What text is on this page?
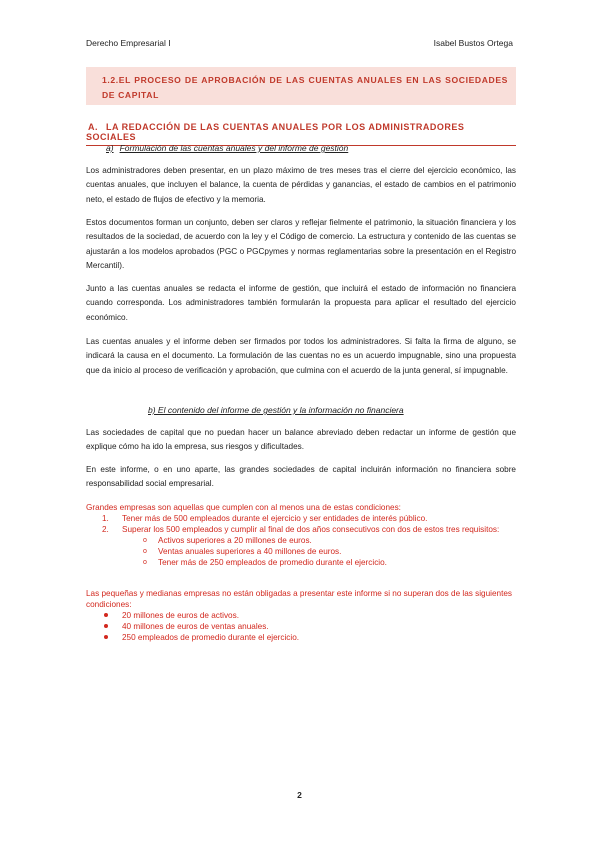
Derecho Empresarial I	Isabel Bustos Ortega
1.2.EL PROCESO DE APROBACIÓN DE LAS CUENTAS ANUALES EN LAS SOCIEDADES DE CAPITAL
A. LA REDACCIÓN DE LAS CUENTAS ANUALES POR LOS ADMINISTRADORES SOCIALES
a) Formulación de las cuentas anuales y del informe de gestión

Los administradores deben presentar, en un plazo máximo de tres meses tras el cierre del ejercicio económico, las cuentas anuales, que incluyen el balance, la cuenta de pérdidas y ganancias, el estado de cambios en el patrimonio neto, el estado de flujos de efectivo y la memoria.

Estos documentos forman un conjunto, deben ser claros y reflejar fielmente el patrimonio, la situación financiera y los resultados de la sociedad, de acuerdo con la ley y el Código de comercio. La estructura y contenido de las cuentas se ajustarán a los modelos aprobados (PGC o PGCpymes y normas reglamentarias sobre la presentación en el Registro Mercantil).

Junto a las cuentas anuales se redacta el informe de gestión, que incluirá el estado de información no financiera cuando corresponda. Los administradores también formularán la propuesta para aplicar el resultado del ejercicio económico.

Las cuentas anuales y el informe deben ser firmados por todos los administradores. Si falta la firma de alguno, se indicará la causa en el documento. La formulación de las cuentas no es un acuerdo impugnable, sino una propuesta que da inicio al proceso de verificación y aprobación, que culmina con el acuerdo de la junta general, sí impugnable.

b) El contenido del informe de gestión y la información no financiera

Las sociedades de capital que no puedan hacer un balance abreviado deben redactar un informe de gestión que explique cómo ha ido la empresa, sus riesgos y dificultades.

En este informe, o en uno aparte, las grandes sociedades de capital incluirán información no financiera sobre responsabilidad social empresarial.

Grandes empresas son aquellas que cumplen con al menos una de estas condiciones:
1. Tener más de 500 empleados durante el ejercicio y ser entidades de interés público.
2. Superar los 500 empleados y cumplir al final de dos años consecutivos con dos de estos tres requisitos:
o Activos superiores a 20 millones de euros.
o Ventas anuales superiores a 40 millones de euros.
o Tener más de 250 empleados de promedio durante el ejercicio.
Las pequeñas y medianas empresas no están obligadas a presentar este informe si no superan dos de las siguientes condiciones:
20 millones de euros de activos.
40 millones de euros de ventas anuales.
250 empleados de promedio durante el ejercicio.
2
